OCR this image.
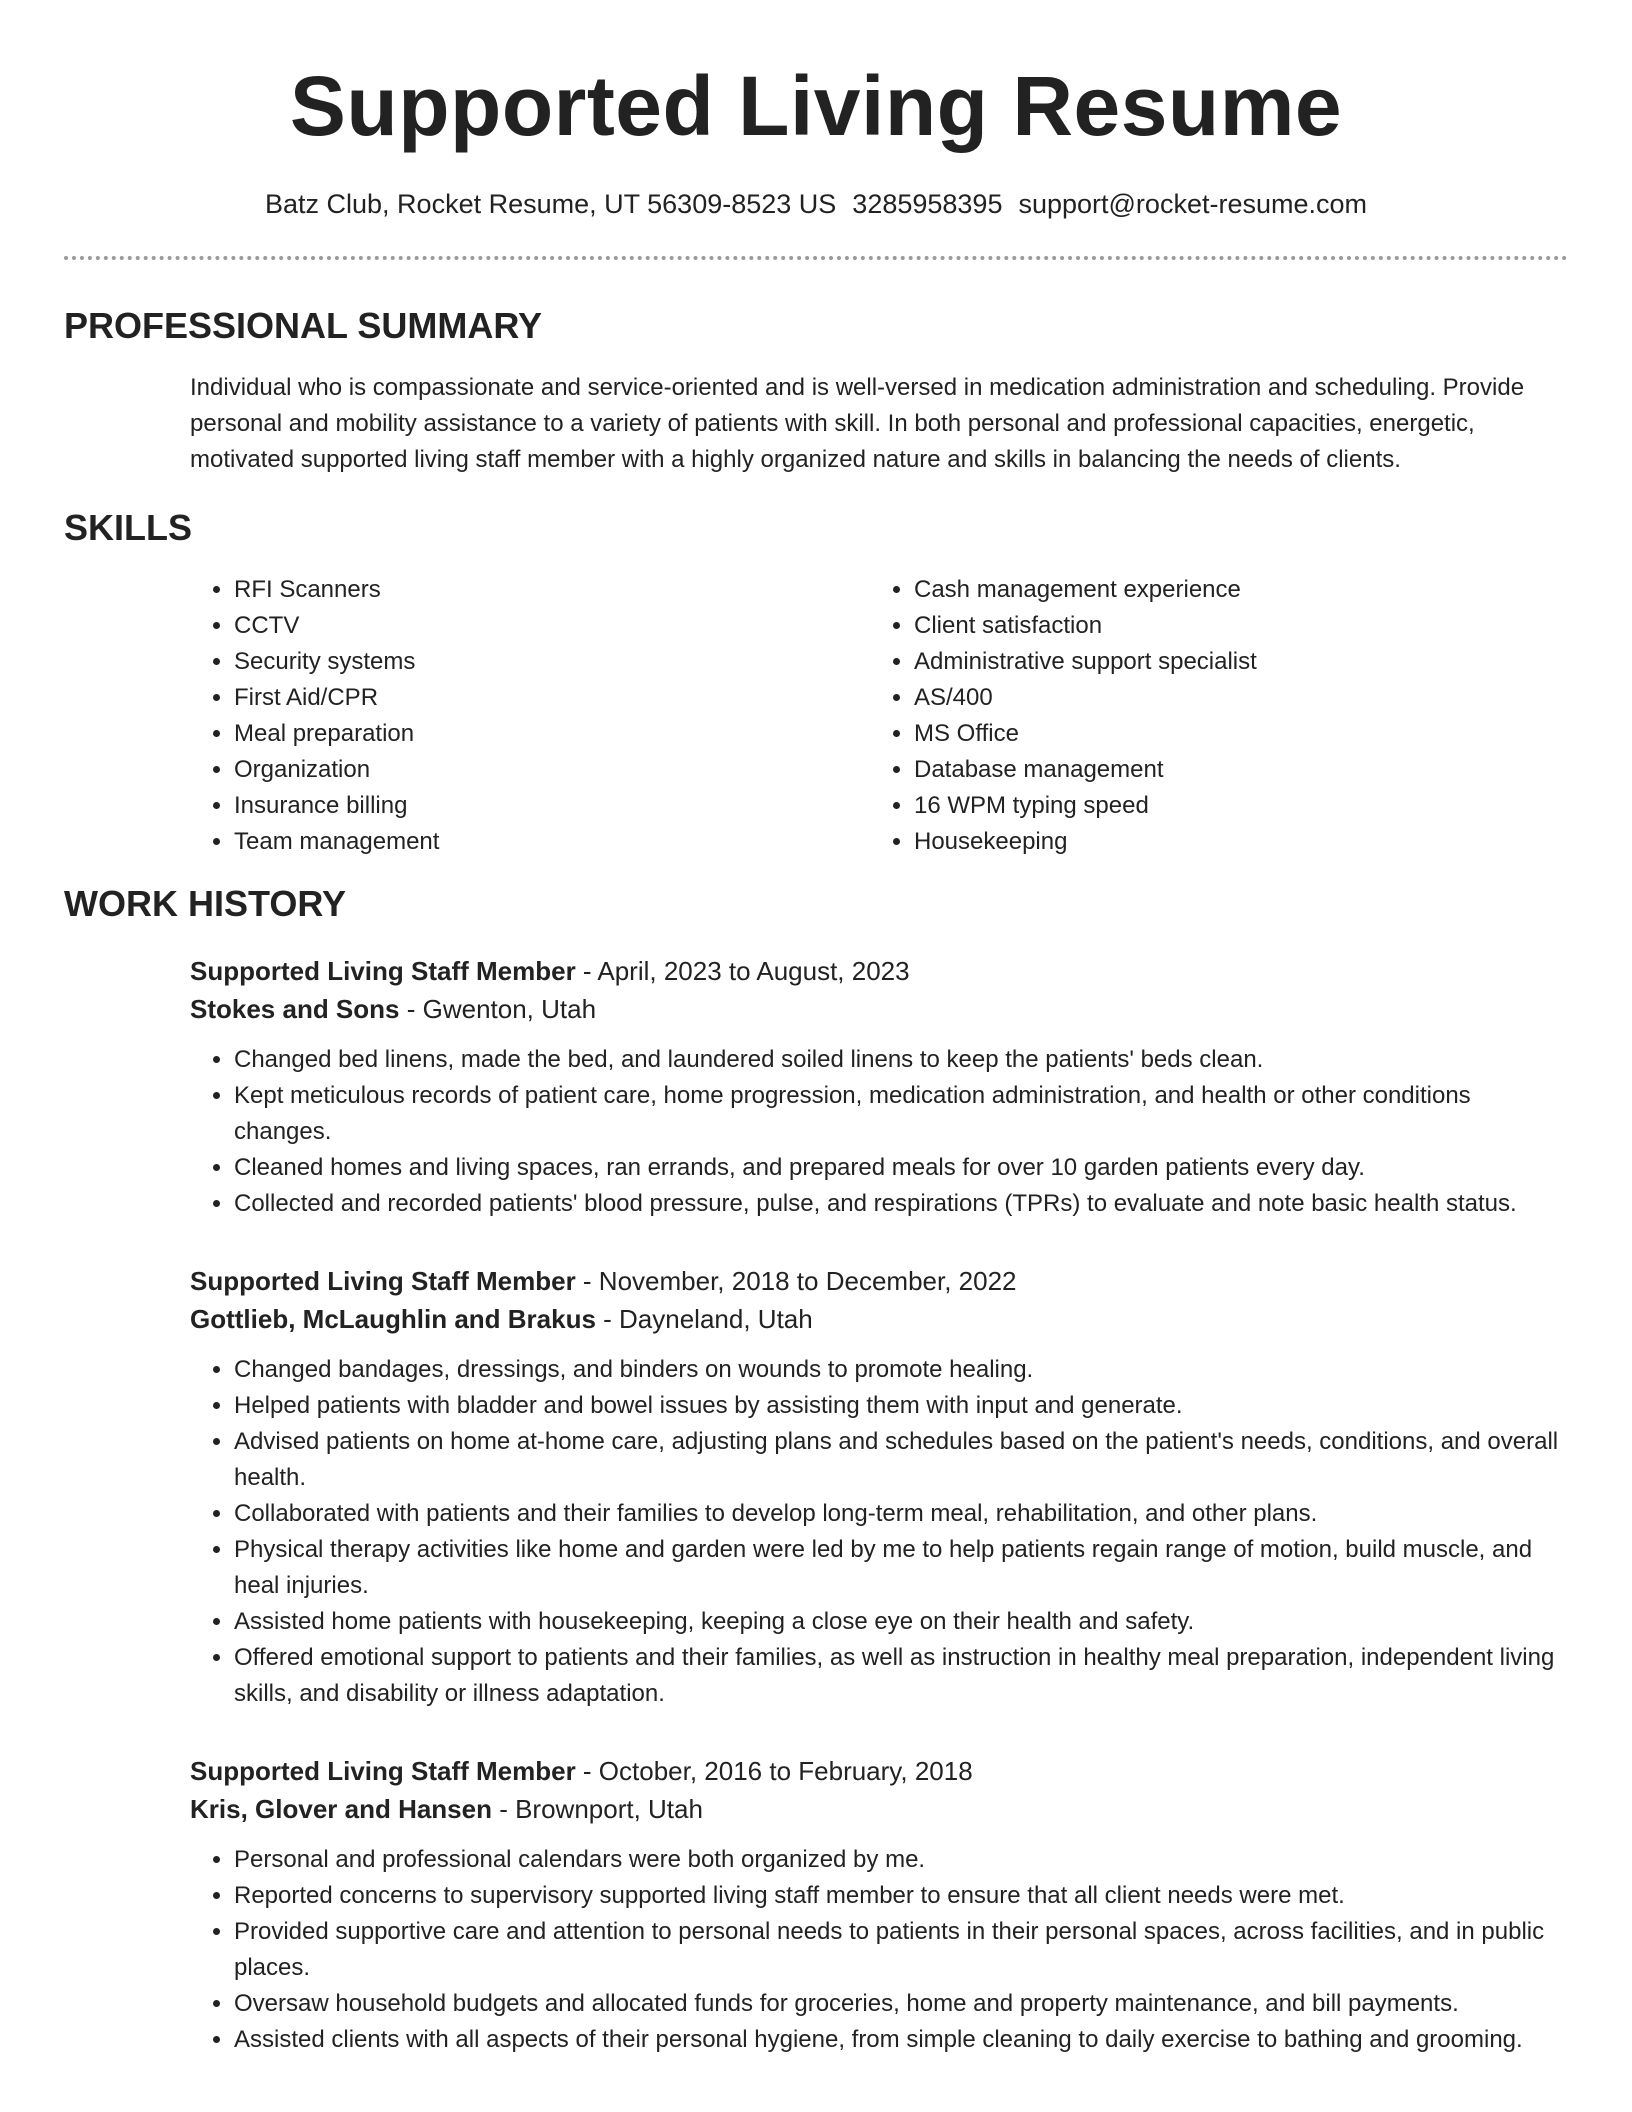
Supported Living Resume
Batz Club, Rocket Resume, UT 56309-8523 US 3285958395 support@rocket-resume.com
PROFESSIONAL SUMMARY

Individual who is compassionate and service-oriented and is well-versed in medication administration and scheduling. Provide personal and mobility assistance to a variety of patients with skill. In both personal and professional capacities, energetic, motivated supported living staff member with a highly organized nature and skills in balancing the needs of clients.

SKILLS
• RFI Scanners
• CCTV
• Security systems
• First Aid/CPR
• Meal preparation
• Organization
• Insurance billing
• Team management
• Cash management experience
• Client satisfaction
• Administrative support specialist
• AS/400
• MS Office
• Database management
• 16 WPM typing speed
• Housekeeping
WORK HISTORY
Supported Living Staff Member - April, 2023 to August, 2023
Stokes and Sons - Gwenton, Utah
• Changed bed linens, made the bed, and laundered soiled linens to keep the patients' beds clean.
• Kept meticulous records of patient care, home progression, medication administration, and health or other conditions changes.
• Cleaned homes and living spaces, ran errands, and prepared meals for over 10 garden patients every day.
• Collected and recorded patients' blood pressure, pulse, and respirations (TPRs) to evaluate and note basic health status.
Supported Living Staff Member - November, 2018 to December, 2022
Gottlieb, McLaughlin and Brakus - Dayneland, Utah
• Changed bandages, dressings, and binders on wounds to promote healing.
• Helped patients with bladder and bowel issues by assisting them with input and generate.
• Advised patients on home at-home care, adjusting plans and schedules based on the patient's needs, conditions, and overall health.
• Collaborated with patients and their families to develop long-term meal, rehabilitation, and other plans.
• Physical therapy activities like home and garden were led by me to help patients regain range of motion, build muscle, and heal injuries.
• Assisted home patients with housekeeping, keeping a close eye on their health and safety.
• Offered emotional support to patients and their families, as well as instruction in healthy meal preparation, independent living skills, and disability or illness adaptation.
Supported Living Staff Member - October, 2016 to February, 2018
Kris, Glover and Hansen - Brownport, Utah
• Personal and professional calendars were both organized by me.
• Reported concerns to supervisory supported living staff member to ensure that all client needs were met.
• Provided supportive care and attention to personal needs to patients in their personal spaces, across facilities, and in public places.
• Oversaw household budgets and allocated funds for groceries, home and property maintenance, and bill payments.
• Assisted clients with all aspects of their personal hygiene, from simple cleaning to daily exercise to bathing and grooming.
